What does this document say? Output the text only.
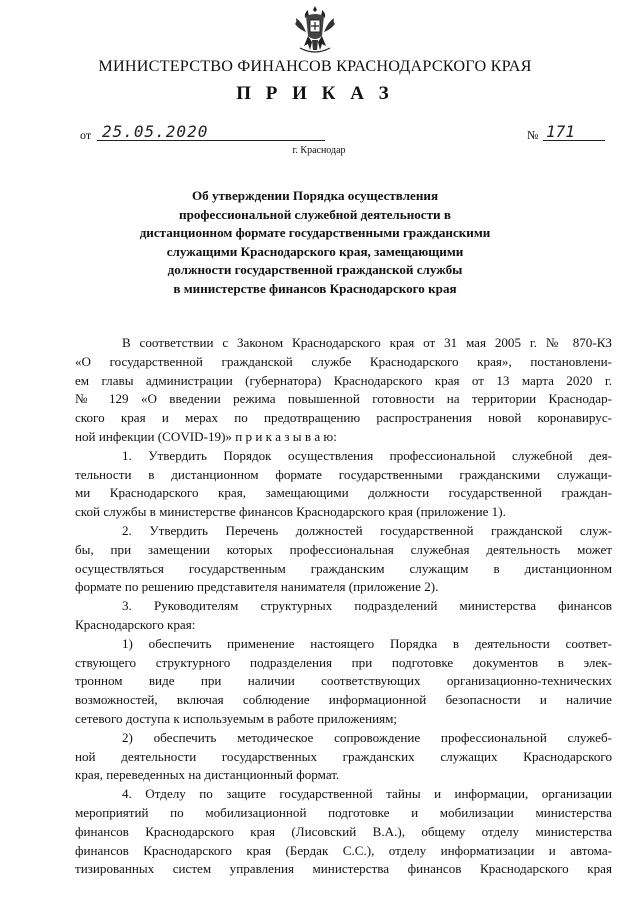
МИНИСТЕРСТВО ФИНАНСОВ КРАСНОДАРСКОГО КРАЯ
П Р И К А З
от 25.05.2020	№ 171
г. Краснодар
Об утверждении Порядка осуществления
профессиональной служебной деятельности в
дистанционном формате государственными гражданскими
служащими Краснодарского края, замещающими
должности государственной гражданской службы
в министерстве финансов Краснодарского края

В соответствии с Законом Краснодарского края от 31 мая 2005 г. № 870-КЗ
«О государственной гражданской службе Краснодарского края», постановлени-
ем главы администрации (губернатора) Краснодарского края от 13 марта 2020 г.
№ 129 «О введении режима повышенной готовности на территории Краснодар-
ского края и мерах по предотвращению распространения новой коронавирус-
ной инфекции (COVID-19)» п р и к а з ы в а ю:

1. Утвердить Порядок осуществления профессиональной служебной дея-
тельности в дистанционном формате государственными гражданскими служащи-
ми Краснодарского края, замещающими должности государственной граждан-
ской службы в министерстве финансов Краснодарского края (приложение 1).

2. Утвердить Перечень должностей государственной гражданской служ-
бы, при замещении которых профессиональная служебная деятельность может
осуществляться государственным гражданским служащим в дистанционном
формате по решению представителя нанимателя (приложение 2).

3. Руководителям структурных подразделений министерства финансов
Краснодарского края:

1) обеспечить применение настоящего Порядка в деятельности соответ-
ствующего структурного подразделения при подготовке документов в элек-
тронном виде при наличии соответствующих организационно-технических
возможностей, включая соблюдение информационной безопасности и наличие
сетевого доступа к используемым в работе приложениям;

2) обеспечить методическое сопровождение профессиональной служеб-
ной деятельности государственных гражданских служащих Краснодарского
края, переведенных на дистанционный формат.

4. Отделу по защите государственной тайны и информации, организации
мероприятий по мобилизационной подготовке и мобилизации министерства
финансов Краснодарского края (Лисовский В.А.), общему отделу министерства
финансов Краснодарского края (Бердак С.С.), отделу информатизации и автома-
тизированных систем управления министерства финансов Краснодарского края
